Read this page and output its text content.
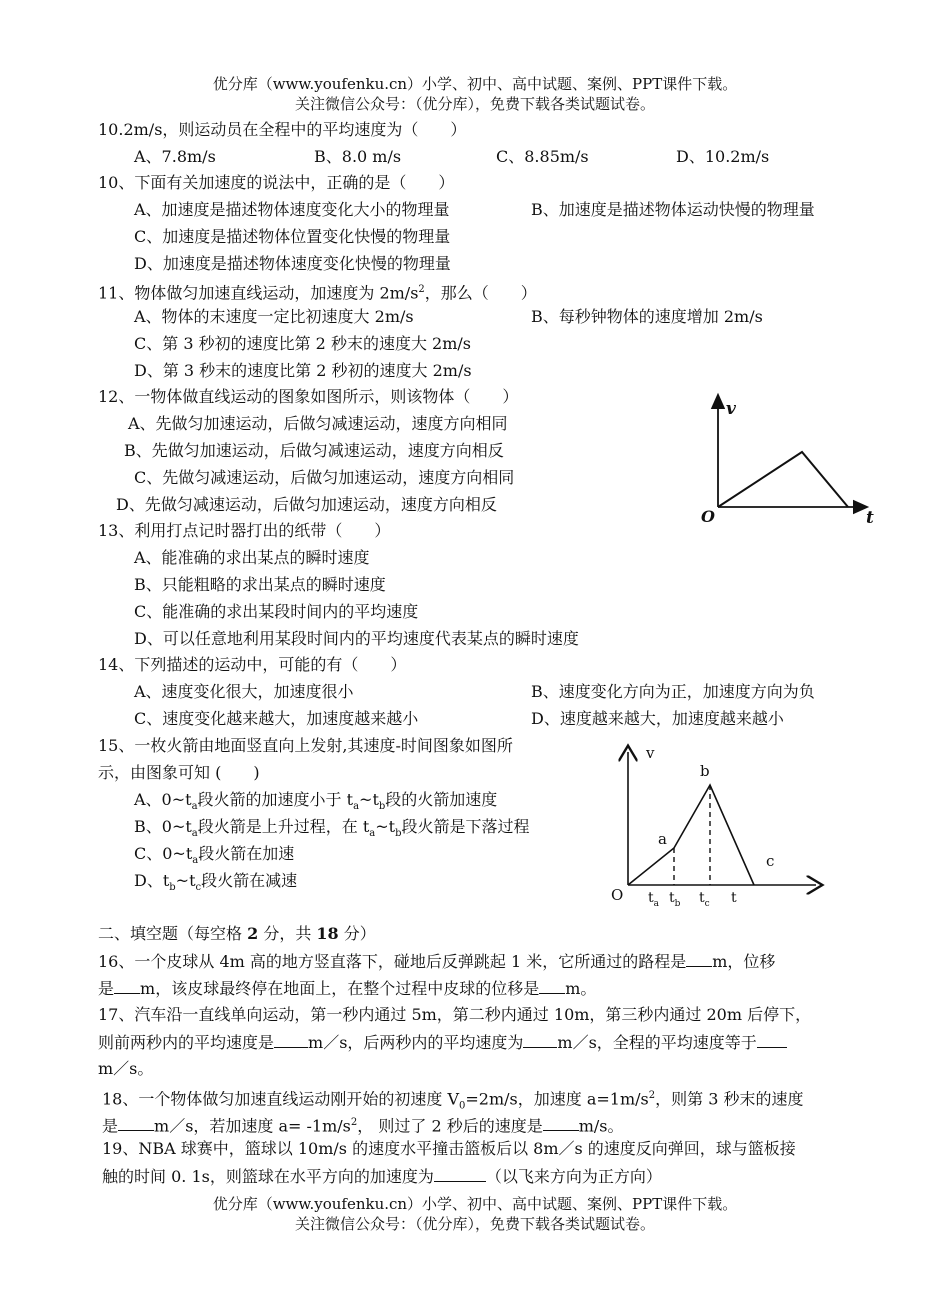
优分库（www.youfenku.cn）小学、初中、高中试题、案例、PPT课件下载。
关注微信公众号：（优分库），免费下载各类试题试卷。
10.2m/s，则运动员在全程中的平均速度为（　　）
A、7.8m/s	B、8.0 m/s	C、8.85m/s	D、10.2m/s
10、下面有关加速度的说法中，正确的是（　　）
A、加速度是描述物体速度变化大小的物理量	B、加速度是描述物体运动快慢的物理量
C、加速度是描述物体位置变化快慢的物理量
D、加速度是描述物体速度变化快慢的物理量
11、物体做匀加速直线运动，加速度为 $2m/s^2$，那么（　　）
A、物体的末速度一定比初速度大 2m/s	B、每秒钟物体的速度增加 2m/s
C、第 3 秒初的速度比第 2 秒末的速度大 2m/s
D、第 3 秒末的速度比第 2 秒初的速度大 2m/s
12、一物体做直线运动的图象如图所示，则该物体（　　）
A、先做匀加速运动，后做匀减速运动，速度方向相同
B、先做匀加速运动，后做匀减速运动，速度方向相反
C、先做匀减速运动，后做匀加速运动，速度方向相同
D、先做匀减速运动，后做匀加速运动，速度方向相反
v
O	t
13、利用打点记时器打出的纸带（　　）
A、能准确的求出某点的瞬时速度
B、只能粗略的求出某点的瞬时速度
C、能准确的求出某段时间内的平均速度
D、可以任意地利用某段时间内的平均速度代表某点的瞬时速度
14、下列描述的运动中，可能的有（　　）
A、速度变化很大，加速度很小	B、速度变化方向为正，加速度方向为负
C、速度变化越来越大，加速度越来越小	D、速度越来越大，加速度越来越小
15、一枚火箭由地面竖直向上发射,其速度-时间图象如图所
示，由图象可知 (　　)
A、$0\sim t_a$段火箭的加速度小于 $t_a\sim t_b$段的火箭加速度
B、$0\sim t_a$段火箭是上升过程，在 $t_a\sim t_b$段火箭是下落过程
C、$0\sim t_a$段火箭在加速
D、$t_b\sim t_c$段火箭在减速
v
b
a
c
O $t_a$ $t_b$ $t_c$ t
二、填空题（每空格 2 分，共 18 分）
16、一个皮球从 4m 高的地方竖直落下，碰地后反弹跳起 1 米，它所通过的路程是 m，位移
是 m，该皮球最终停在地面上，在整个过程中皮球的位移是 m。
17、汽车沿一直线单向运动，第一秒内通过 5m，第二秒内通过 10m，第三秒内通过 20m 后停下，
则前两秒内的平均速度是 m／s，后两秒内的平均速度为 m／s，全程的平均速度等于
m／s。
18、一个物体做匀加速直线运动刚开始的初速度 $V_0=2m/s$，加速度 $a=1m/s^2$，则第 3 秒末的速度
是 m／s，若加速度 $a= -1m/s^2$， 则过了 2 秒后的速度是 m/s。
19、NBA 球赛中，篮球以 10m/s 的速度水平撞击篮板后以 8m／s 的速度反向弹回，球与篮板接
触的时间 0. 1s，则篮球在水平方向的加速度为	（以飞来方向为正方向）
优分库（www.youfenku.cn）小学、初中、高中试题、案例、PPT课件下载。
关注微信公众号：（优分库），免费下载各类试题试卷。
